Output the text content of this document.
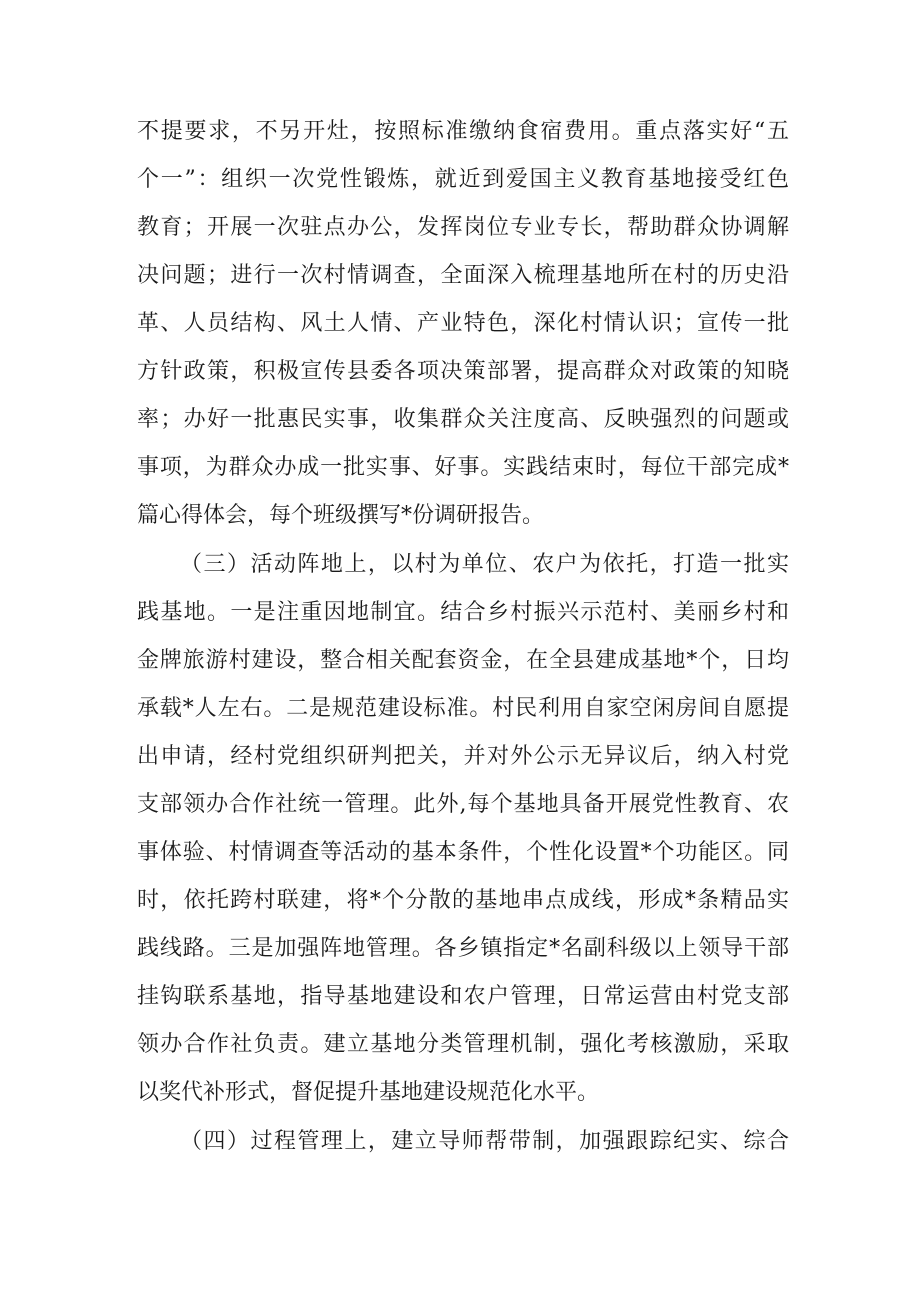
不提要求，不另开灶，按照标准缴纳食宿费用。重点落实好“五
个一”：组织一次党性锻炼，就近到爱国主义教育基地接受红色
教育；开展一次驻点办公，发挥岗位专业专长，帮助群众协调解
决问题；进行一次村情调查，全面深入梳理基地所在村的历史沿
革、人员结构、风土人情、产业特色，深化村情认识；宣传一批
方针政策，积极宣传县委各项决策部署，提高群众对政策的知晓
率；办好一批惠民实事，收集群众关注度高、反映强烈的问题或
事项，为群众办成一批实事、好事。实践结束时，每位干部完成*
篇心得体会，每个班级撰写*份调研报告。
（三）活动阵地上，以村为单位、农户为依托，打造一批实
践基地。一是注重因地制宜。结合乡村振兴示范村、美丽乡村和
金牌旅游村建设，整合相关配套资金，在全县建成基地*个，日均
承载*人左右。二是规范建设标准。村民利用自家空闲房间自愿提
出申请，经村党组织研判把关，并对外公示无异议后，纳入村党
支部领办合作社统一管理。此外,每个基地具备开展党性教育、农
事体验、村情调查等活动的基本条件，个性化设置*个功能区。同
时，依托跨村联建，将*个分散的基地串点成线，形成*条精品实
践线路。三是加强阵地管理。各乡镇指定*名副科级以上领导干部
挂钩联系基地，指导基地建设和农户管理，日常运营由村党支部
领办合作社负责。建立基地分类管理机制，强化考核激励，采取
以奖代补形式，督促提升基地建设规范化水平。
（四）过程管理上，建立导师帮带制，加强跟踪纪实、综合
